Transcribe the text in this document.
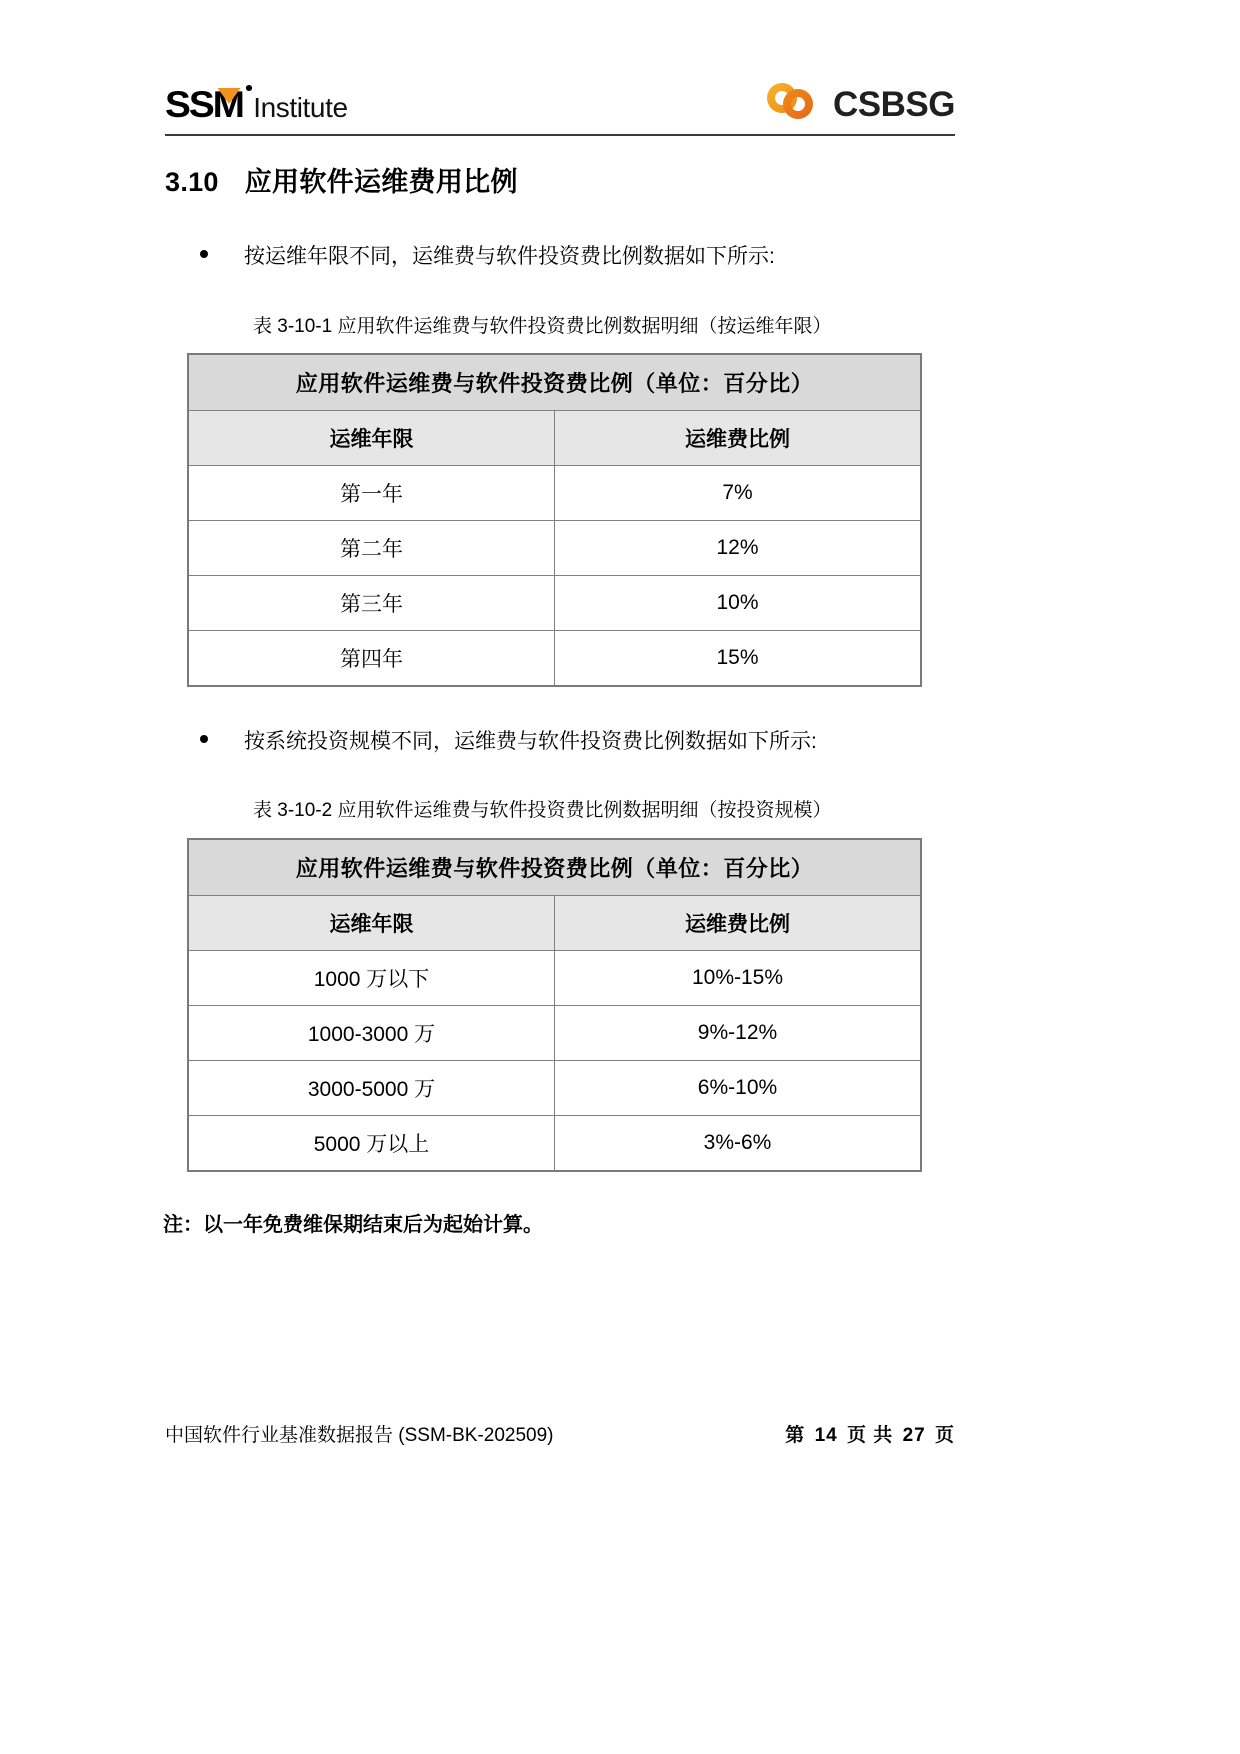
SSM Institute	CSBSG
3.10 应用软件运维费用比例
按运维年限不同，运维费与软件投资费比例数据如下所示:
表 3-10-1 应用软件运维费与软件投资费比例数据明细（按运维年限）
应用软件运维费与软件投资费比例（单位：百分比）	
运维年限	运维费比例
第一年	7%
第二年	12%
第三年	10%
第四年	15%
按系统投资规模不同，运维费与软件投资费比例数据如下所示:
表 3-10-2 应用软件运维费与软件投资费比例数据明细（按投资规模）
应用软件运维费与软件投资费比例（单位：百分比）	
运维年限	运维费比例
1000 万以下	10%-15%
1000-3000 万	9%-12%
3000-5000 万	6%-10%
5000 万以上	3%-6%
注：以一年免费维保期结束后为起始计算。
中国软件行业基准数据报告 (SSM-BK-202509)	第 14 页 共 27 页
